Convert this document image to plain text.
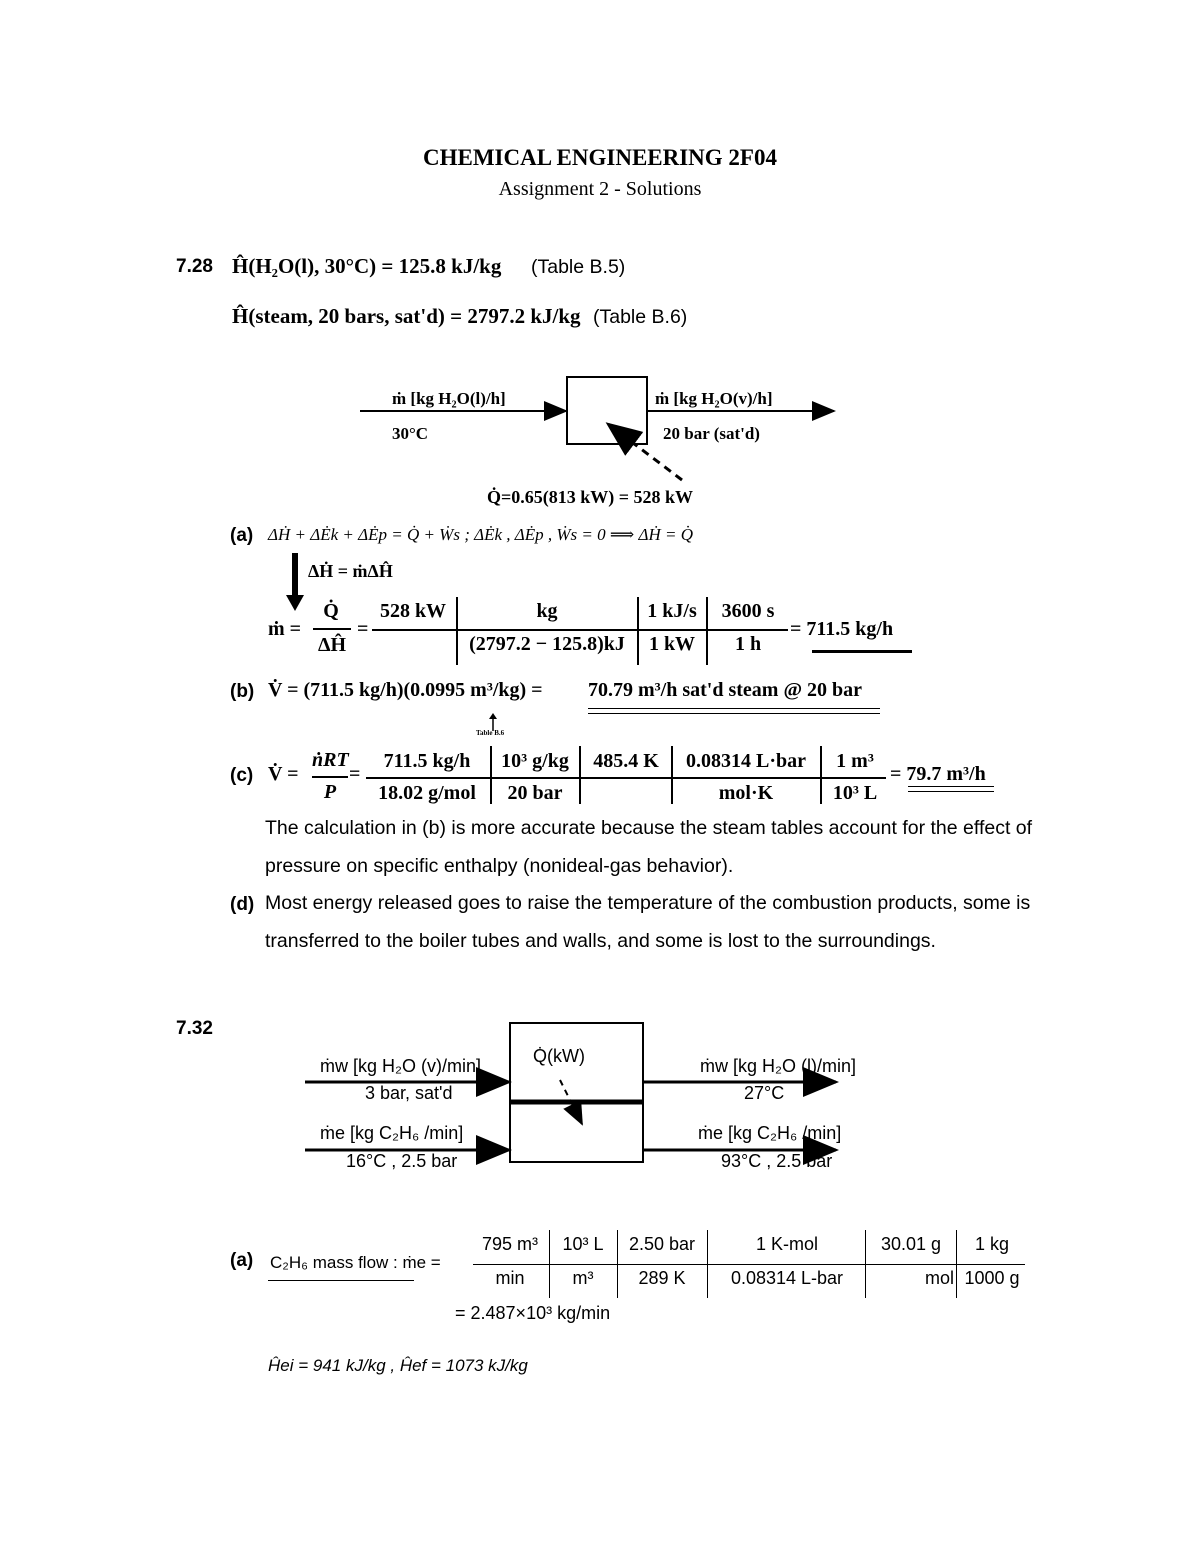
CHEMICAL ENGINEERING 2F04
Assignment 2 - Solutions
7.28 Ĥ(H₂O(l), 30°C) = 125.8 kJ/kg (Table B.5)
Ĥ(steam, 20 bars, sat'd) = 2797.2 kJ/kg (Table B.6)
ṁ [kg H₂O(l)/h]
30°C
ṁ [kg H₂O(v)/h]
20 bar (sat'd)
Q̇=0.65(813 kW) = 528 kW
(a) ΔḢ + ΔĖk + ΔĖp = Q̇ + Ẇs ; ΔĖk , ΔĖp , Ẇs = 0 ⟹ ΔḢ = Q̇
ΔḢ = ṁΔĤ
ṁ =
Q̇
ΔĤ
=
528 kW	kg
(2797.2 − 125.8)kJ
1 kJ/s
1 kW
3600 s
1 h
= 711.5 kg/h
(b) V̇ = (711.5 kg/h)(0.0995 m³/kg) = 70.79 m³/h sat'd steam @ 20 bar
Table B.6
(c) V̇ =
ṅRT
P
=
711.5 kg/h
18.02 g/mol
10³ g/kg
20 bar
485.4 K	0.08314 L·bar
mol·K
1 m³
10³ L
= 79.7 m³/h
The calculation in (b) is more accurate because the steam tables account for the effect of pressure on specific enthalpy (nonideal-gas behavior).
(d) Most energy released goes to raise the temperature of the combustion products, some is transferred to the boiler tubes and walls, and some is lost to the surroundings.
7.32
ṁw [kg H₂O (v)/min]
3 bar, sat'd
ṁe [kg C₂H₆ /min]
16°C , 2.5 bar
ṁw [kg H₂O (l)/min]
27°C
ṁe [kg C₂H₆ /min]
93°C , 2.5 bar
Q̇(kW)
(a) C₂H₆ mass flow : ṁe =
795 m³
min
10³ L
m³
2.50 bar
289 K
1 K-mol
0.08314 L-bar
30.01 g
mol
1 kg
1000 g
= 2.487×10³ kg/min
Ĥei = 941 kJ/kg , Ĥef = 1073 kJ/kg
